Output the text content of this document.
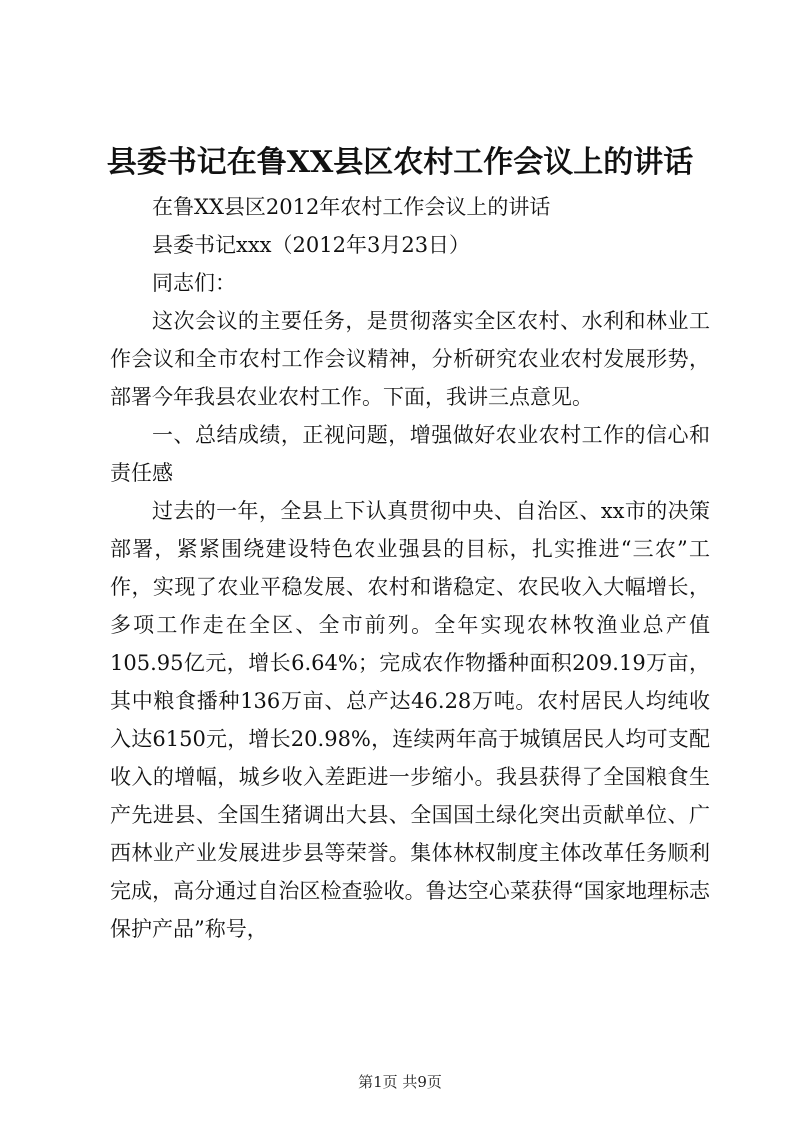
县委书记在鲁XX县区农村工作会议上的讲话

在鲁XX县区2012年农村工作会议上的讲话

县委书记xxx（2012年3月23日）

同志们：

这次会议的主要任务，是贯彻落实全区农村、水利和林业工作会议和全市农村工作会议精神，分析研究农业农村发展形势，部署今年我县农业农村工作。下面，我讲三点意见。

一、总结成绩，正视问题，增强做好农业农村工作的信心和责任感

过去的一年，全县上下认真贯彻中央、自治区、xx市的决策部署，紧紧围绕建设特色农业强县的目标，扎实推进“三农”工作，实现了农业平稳发展、农村和谐稳定、农民收入大幅增长，多项工作走在全区、全市前列。全年实现农林牧渔业总产值105.95亿元，增长6.64%；完成农作物播种面积209.19万亩，其中粮食播种136万亩、总产达46.28万吨。农村居民人均纯收入达6150元，增长20.98%，连续两年高于城镇居民人均可支配收入的增幅，城乡收入差距进一步缩小。我县获得了全国粮食生产先进县、全国生猪调出大县、全国国土绿化突出贡献单位、广西林业产业发展进步县等荣誉。集体林权制度主体改革任务顺利完成，高分通过自治区检查验收。鲁达空心菜获得“国家地理标志保护产品”称号，

第1页 共9页
